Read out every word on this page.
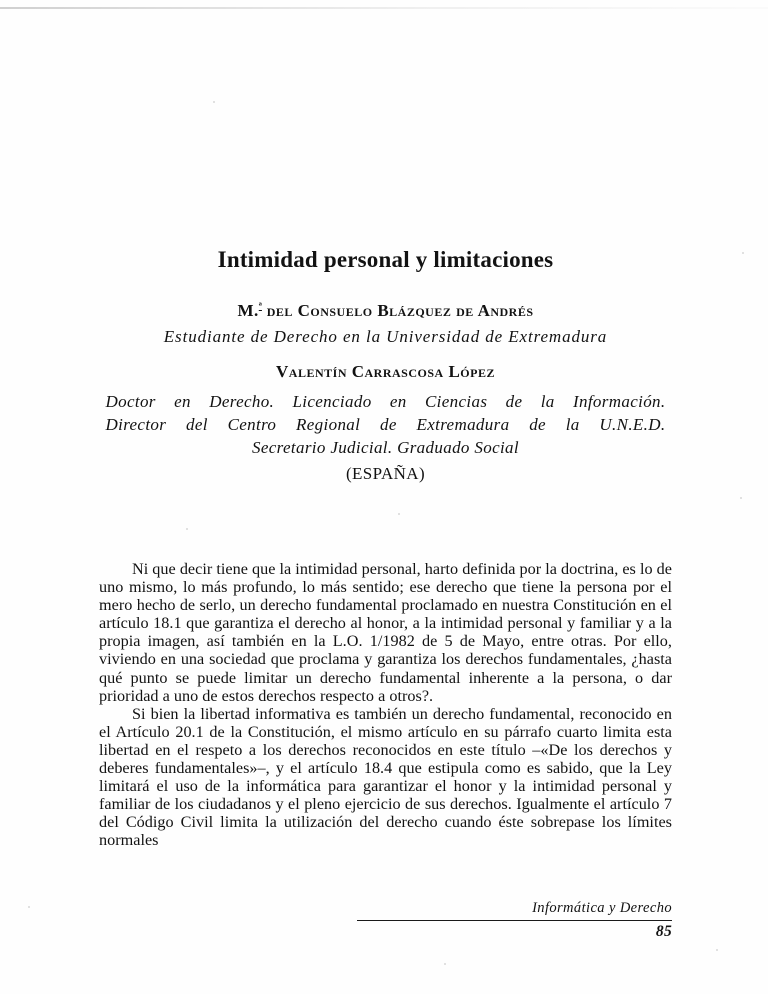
Intimidad personal y limitaciones
M.$^ª$ del Consuelo Blázquez de Andrés
Estudiante de Derecho en la Universidad de Extremadura
Valentín Carrascosa López
Doctor en Derecho. Licenciado en Ciencias de la Información.
Director del Centro Regional de Extremadura de la U.N.E.D.
Secretario Judicial. Graduado Social
(ESPAÑA)

Ni que decir tiene que la intimidad personal, harto definida por la doctrina, es lo de uno mismo, lo más profundo, lo más sentido; ese derecho que tiene la persona por el mero hecho de serlo, un derecho fundamental proclamado en nuestra Constitución en el artículo 18.1 que garantiza el derecho al honor, a la intimidad personal y familiar y a la propia imagen, así también en la L.O. 1/1982 de 5 de Mayo, entre otras. Por ello, viviendo en una sociedad que proclama y garantiza los derechos fundamentales, ¿hasta qué punto se puede limitar un derecho fundamental inherente a la persona, o dar prioridad a uno de estos derechos respecto a otros?.

Si bien la libertad informativa es también un derecho fundamental, reconocido en el Artículo 20.1 de la Constitución, el mismo artículo en su párrafo cuarto limita esta libertad en el respeto a los derechos reconocidos en este título –«De los derechos y deberes fundamentales»–, y el artículo 18.4 que estipula como es sabido, que la Ley limitará el uso de la informática para garantizar el honor y la intimidad personal y familiar de los ciudadanos y el pleno ejercicio de sus derechos. Igualmente el artículo 7 del Código Civil limita la utilización del derecho cuando éste sobrepase los límites normales

Informática y Derecho
85
